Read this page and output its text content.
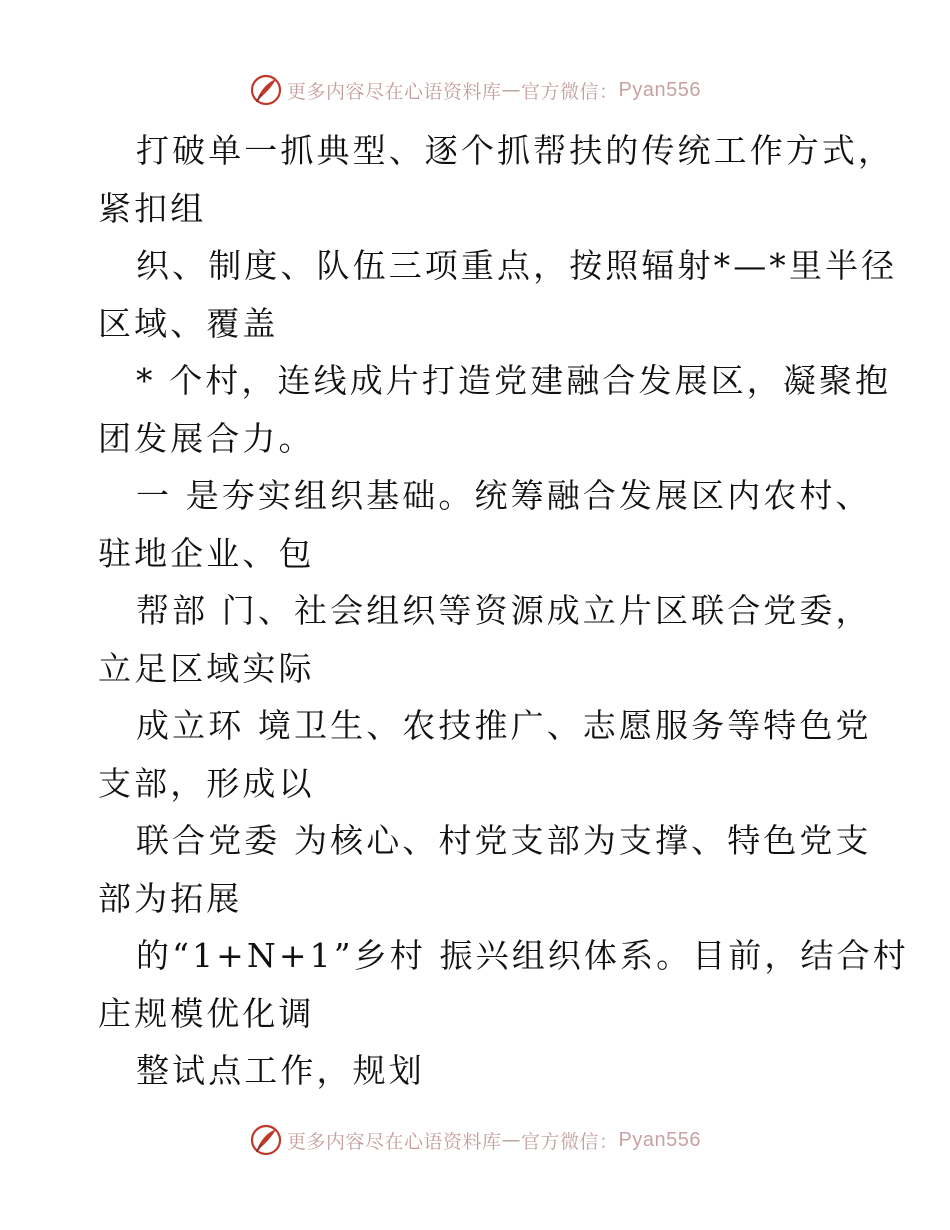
更多内容尽在心语资料库 — 官方微信： Pyan556
打破单一抓典型、逐个抓帮扶的传统工作方式，
紧扣组
织、制度、队伍三项重点，按照辐射*—*里半径
区域、覆盖
* 个村，连线成片打造党建融合发展区，凝聚抱
团发展合力。
一 是夯实组织基础。统筹融合发展区内农村、
驻地企业、包
帮部 门、社会组织等资源成立片区联合党委，
立足区域实际
成立环 境卫生、农技推广、志愿服务等特色党
支部，形成以
联合党委 为核心、村党支部为支撑、特色党支
部为拓展
的“1+N+1”乡村 振兴组织体系。目前，结合村
庄规模优化调
整试点工作，规划
更多内容尽在心语资料库 — 官方微信： Pyan556
